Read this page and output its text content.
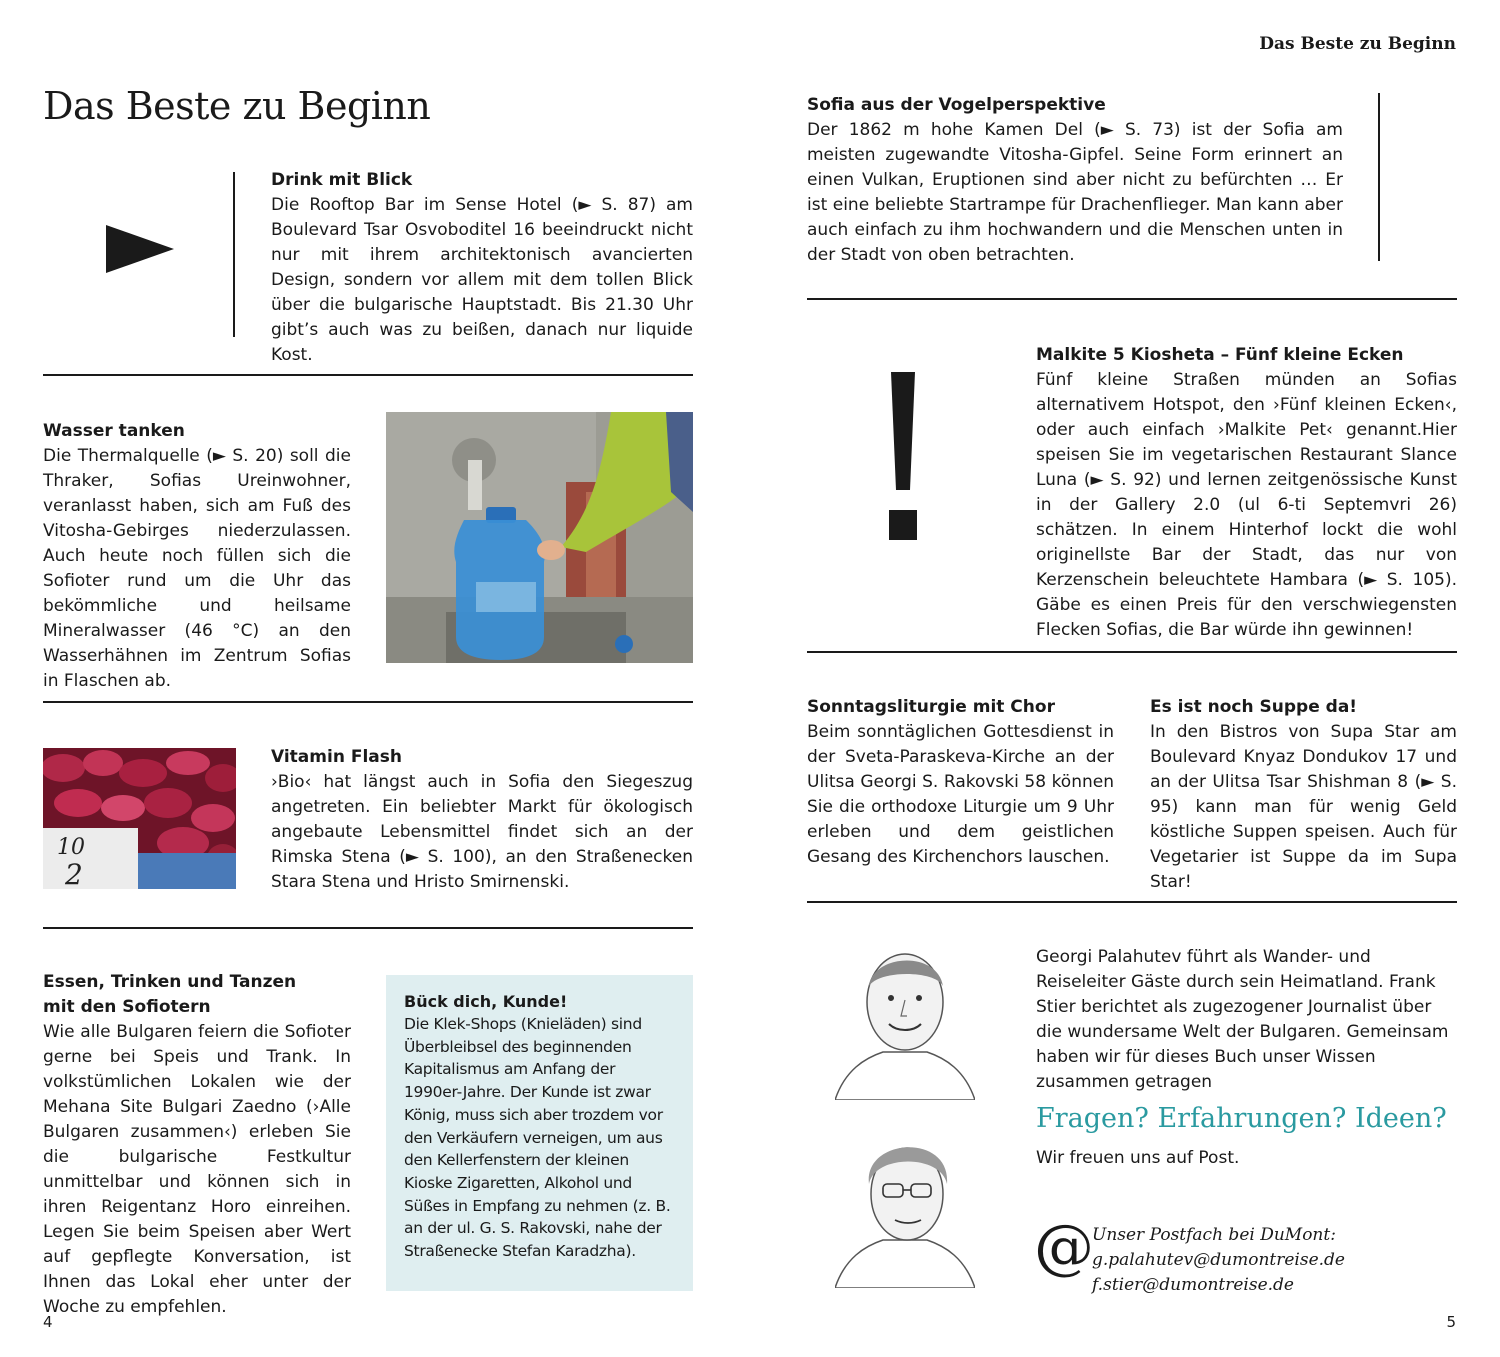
Das Beste zu Beginn
Das Beste zu Beginn
Drink mit Blick

Die Rooftop Bar im Sense Hotel (► S. 87) am Boulevard Tsar Osvoboditel 16 beeindruckt nicht nur mit ihrem architektonisch avancierten Design, sondern vor allem mit dem tollen Blick über die bulgarische Hauptstadt. Bis 21.30 Uhr gibt’s auch was zu beißen, danach nur liquide Kost.

Wasser tanken

Die Thermalquelle (► S. 20) soll die Thraker, Sofias Ureinwohner, veranlasst haben, sich am Fuß des Vitosha-Gebirges niederzulassen. Auch heute noch füllen sich die Sofioter rund um die Uhr das bekömmliche und heilsame Mineralwasser (46 °C) an den Wasserhähnen im Zentrum Sofias in Flaschen ab.

10
2
Vitamin Flash

›Bio‹ hat längst auch in Sofia den Siegeszug angetreten. Ein beliebter Markt für ökologisch angebaute Lebensmittel findet sich an der Rimska Stena (► S. 100), an den Straßenecken Stara Stena und Hristo Smirnenski.

Essen, Trinken und Tanzen
mit den Sofiotern

Wie alle Bulgaren feiern die Sofioter gerne bei Speis und Trank. In volkstümlichen Lokalen wie der Mehana Site Bulgari Zaedno (›Alle Bulgaren zusammen‹) erleben Sie die bulgarische Festkultur unmittelbar und können sich in ihren Reigentanz Horo einreihen. Legen Sie beim Speisen aber Wert auf gepflegte Konversation, ist Ihnen das Lokal eher unter der Woche zu empfehlen.

Bück dich, Kunde!

Die Klek-Shops (Knieläden) sind Überbleibsel des beginnenden Kapitalismus am Anfang der 1990er-Jahre. Der Kunde ist zwar König, muss sich aber trozdem vor den Verkäufern verneigen, um aus den Kellerfenstern der kleinen Kioske Zigaretten, Alkohol und Süßes in Empfang zu nehmen (z. B. an der ul. G. S. Rakovski, nahe der Straßenecke Stefan Karadzha).

4
Sofia aus der Vogelperspektive

Der 1862 m hohe Kamen Del (► S. 73) ist der Sofia am meisten zugewandte Vitosha-Gipfel. Seine Form erinnert an einen Vulkan, Eruptionen sind aber nicht zu befürchten … Er ist eine beliebte Startrampe für Drachenflieger. Man kann aber auch einfach zu ihm hochwandern und die Menschen unten in der Stadt von oben betrachten.

Malkite 5 Kiosheta – Fünf kleine Ecken

Fünf kleine Straßen münden an Sofias alternativem Hotspot, den ›Fünf kleinen Ecken‹, oder auch einfach ›Malkite Pet‹ genannt.Hier speisen Sie im vegetarischen Restaurant Slance Luna (► S. 92) und lernen zeitgenössische Kunst in der Gallery 2.0 (ul 6-ti Septemvri 26) schätzen. In einem Hinterhof lockt die wohl originellste Bar der Stadt, das nur von Kerzenschein beleuchtete Hambara (► S. 105). Gäbe es einen Preis für den verschwiegensten Flecken Sofias, die Bar würde ihn gewinnen!

Sonntagsliturgie mit Chor

Beim sonntäglichen Gottesdienst in der Sveta-Paraskeva-Kirche an der Ulitsa Georgi S. Rakovski 58 können Sie die orthodoxe Liturgie um 9 Uhr erleben und dem geistlichen Gesang des Kirchenchors lauschen.

Es ist noch Suppe da!

In den Bistros von Supa Star am Boulevard Knyaz Dondukov 17 und an der Ulitsa Tsar Shishman 8 (► S. 95) kann man für wenig Geld köstliche Suppen speisen. Auch für Vegetarier ist Suppe da im Supa Star!

Georgi Palahutev führt als Wander- und Reiseleiter Gäste durch sein Heimatland. Frank Stier berichtet als zugezogener Journalist über die wundersame Welt der Bulgaren. Gemeinsam haben wir für dieses Buch unser Wissen zusammen getragen

Fragen? Erfahrungen? Ideen?

Wir freuen uns auf Post.

@
Unser Postfach bei DuMont:
g.palahutev@dumontreise.de
f.stier@dumontreise.de
5
